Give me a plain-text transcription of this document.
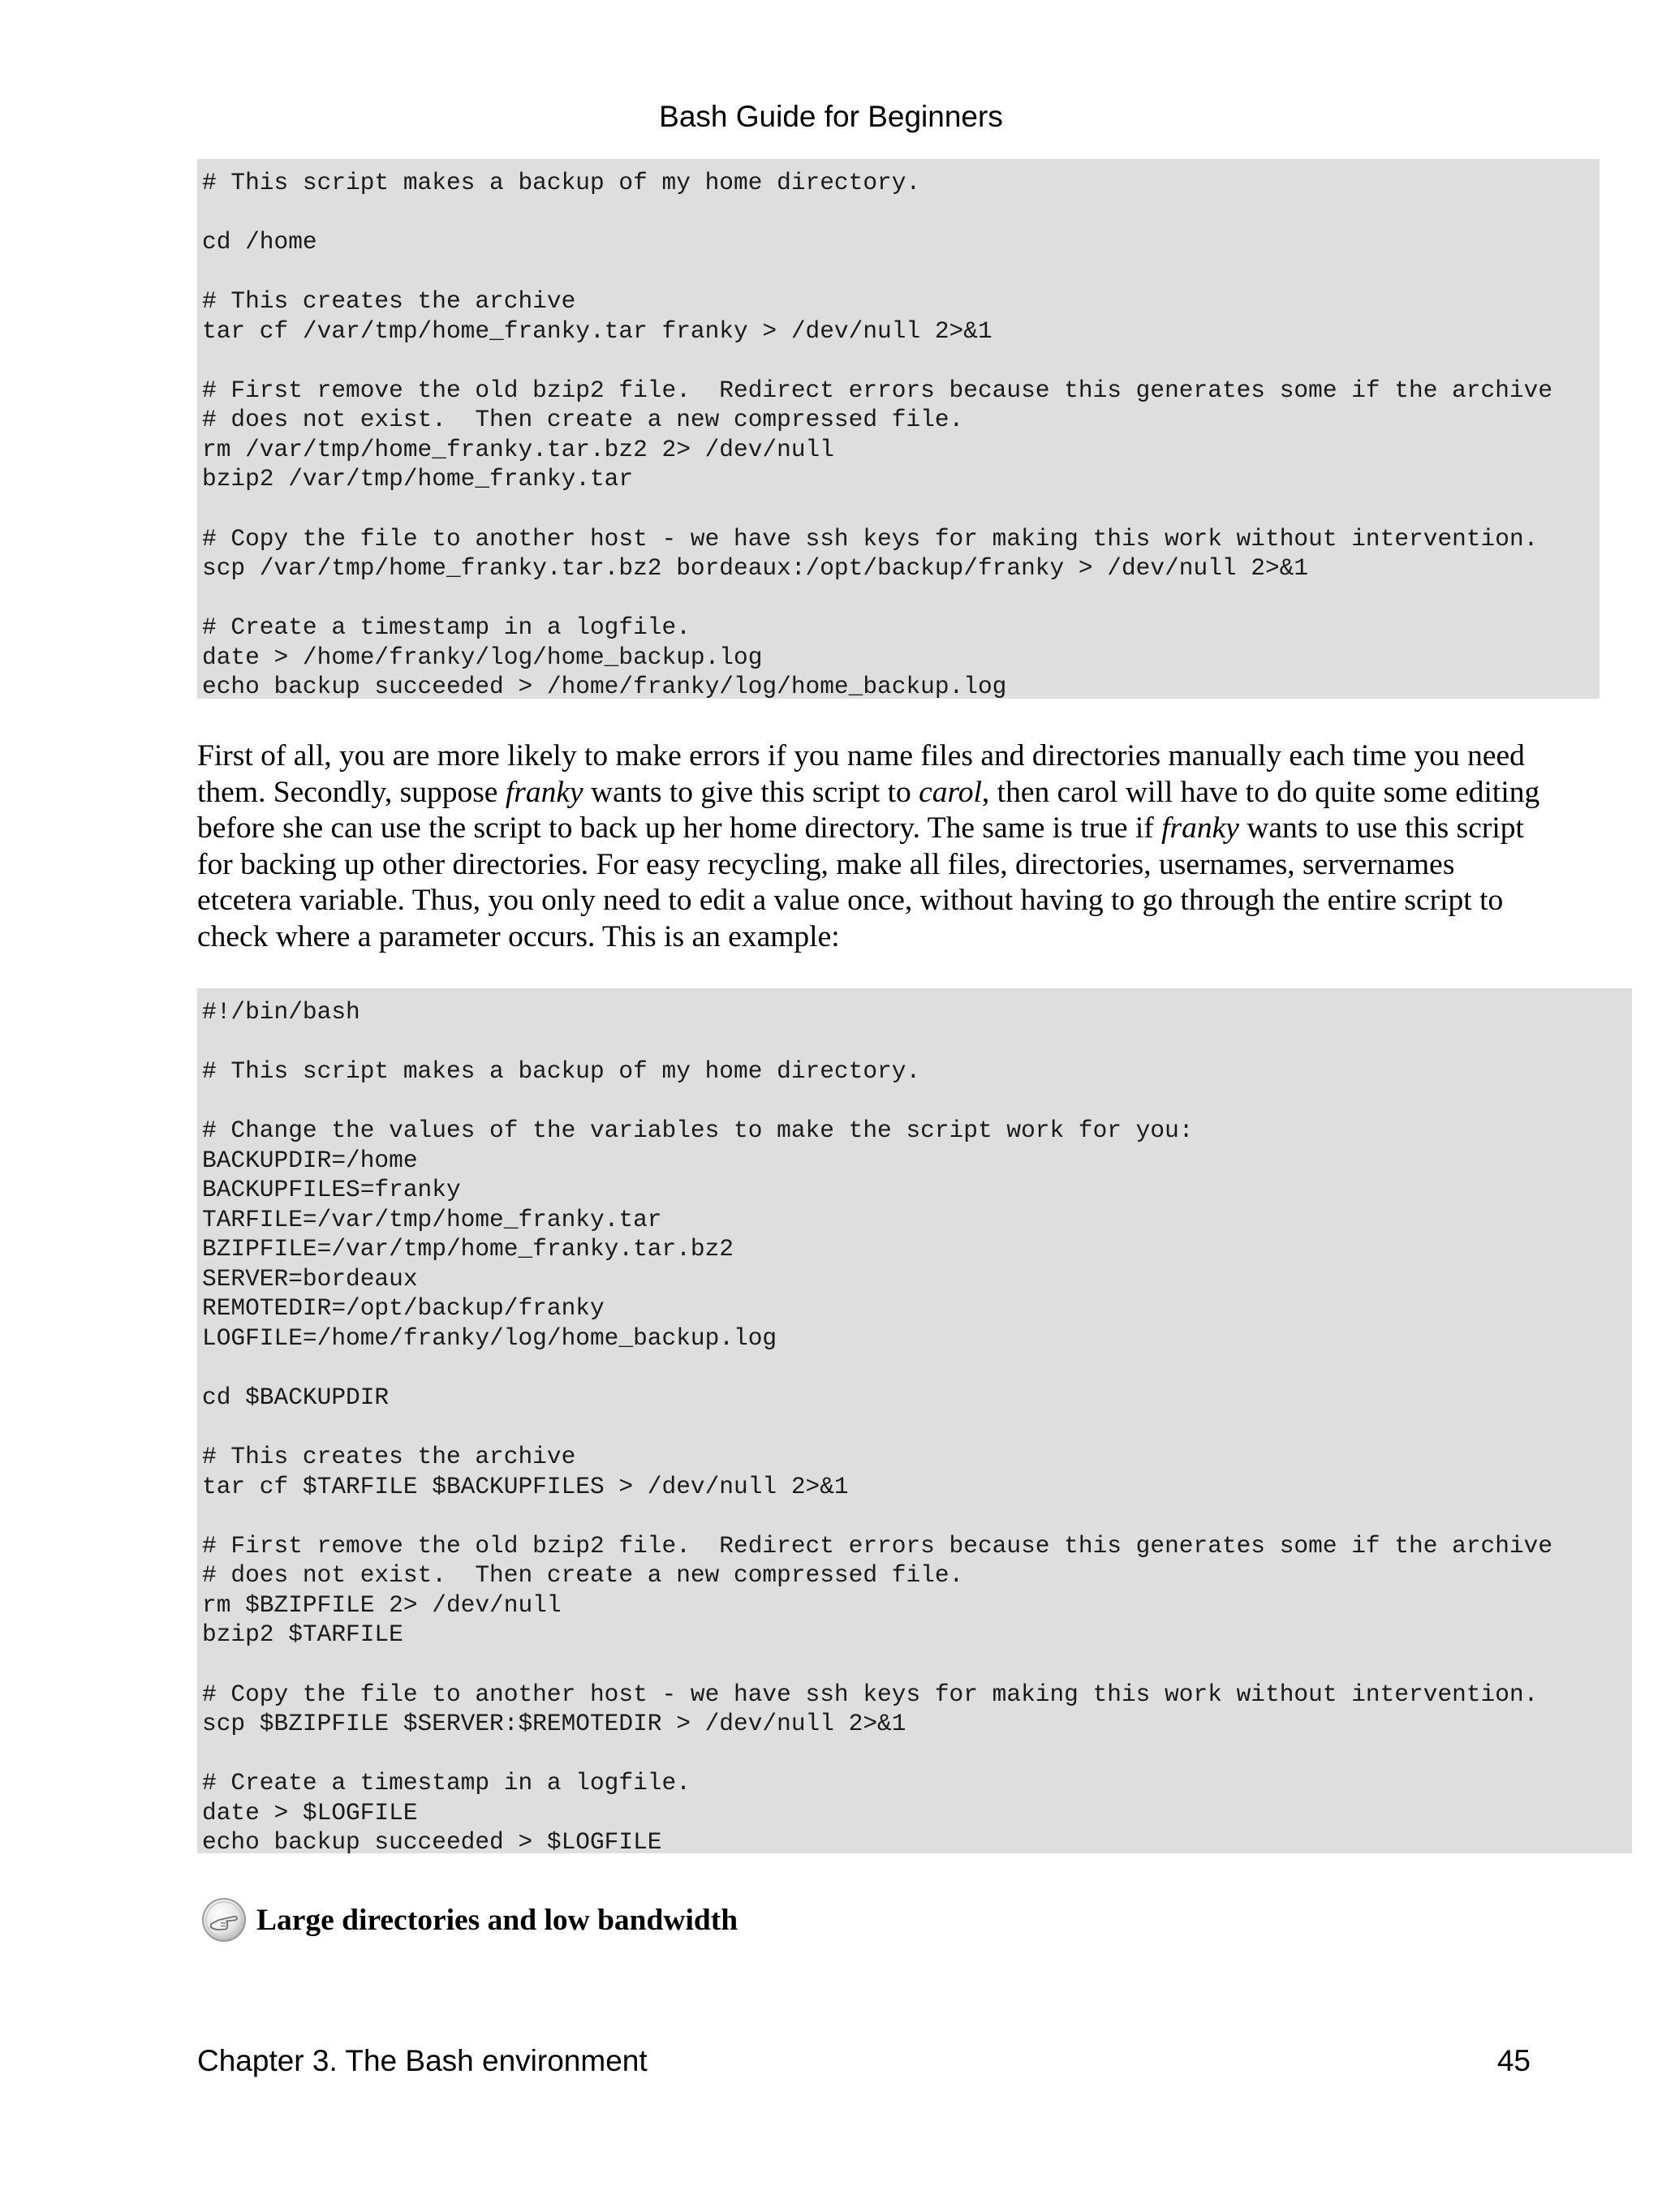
Bash Guide for Beginners
# This script makes a backup of my home directory.
cd /home
# This creates the archive
tar cf /var/tmp/home_franky.tar franky > /dev/null 2>&1
# First remove the old bzip2 file.  Redirect errors because this generates some if the archive
# does not exist.  Then create a new compressed file.
rm /var/tmp/home_franky.tar.bz2 2> /dev/null
bzip2 /var/tmp/home_franky.tar
# Copy the file to another host - we have ssh keys for making this work without intervention.
scp /var/tmp/home_franky.tar.bz2 bordeaux:/opt/backup/franky > /dev/null 2>&1
# Create a timestamp in a logfile.
date > /home/franky/log/home_backup.log
echo backup succeeded > /home/franky/log/home_backup.log

First of all, you are more likely to make errors if you name files and directories manually each time you need

them. Secondly, suppose franky wants to give this script to carol, then carol will have to do quite some editing

before she can use the script to back up her home directory. The same is true if franky wants to use this script

for backing up other directories. For easy recycling, make all files, directories, usernames, servernames

etcetera variable. Thus, you only need to edit a value once, without having to go through the entire script to

check where a parameter occurs. This is an example:

#!/bin/bash
# This script makes a backup of my home directory.
# Change the values of the variables to make the script work for you:
BACKUPDIR=/home
BACKUPFILES=franky
TARFILE=/var/tmp/home_franky.tar
BZIPFILE=/var/tmp/home_franky.tar.bz2
SERVER=bordeaux
REMOTEDIR=/opt/backup/franky
LOGFILE=/home/franky/log/home_backup.log
cd $BACKUPDIR
# This creates the archive
tar cf $TARFILE $BACKUPFILES > /dev/null 2>&1
# First remove the old bzip2 file.  Redirect errors because this generates some if the archive
# does not exist.  Then create a new compressed file.
rm $BZIPFILE 2> /dev/null
bzip2 $TARFILE
# Copy the file to another host - we have ssh keys for making this work without intervention.
scp $BZIPFILE $SERVER:$REMOTEDIR > /dev/null 2>&1
# Create a timestamp in a logfile.
date > $LOGFILE
echo backup succeeded > $LOGFILE
Large directories and low bandwidth
Chapter 3. The Bash environment	45
